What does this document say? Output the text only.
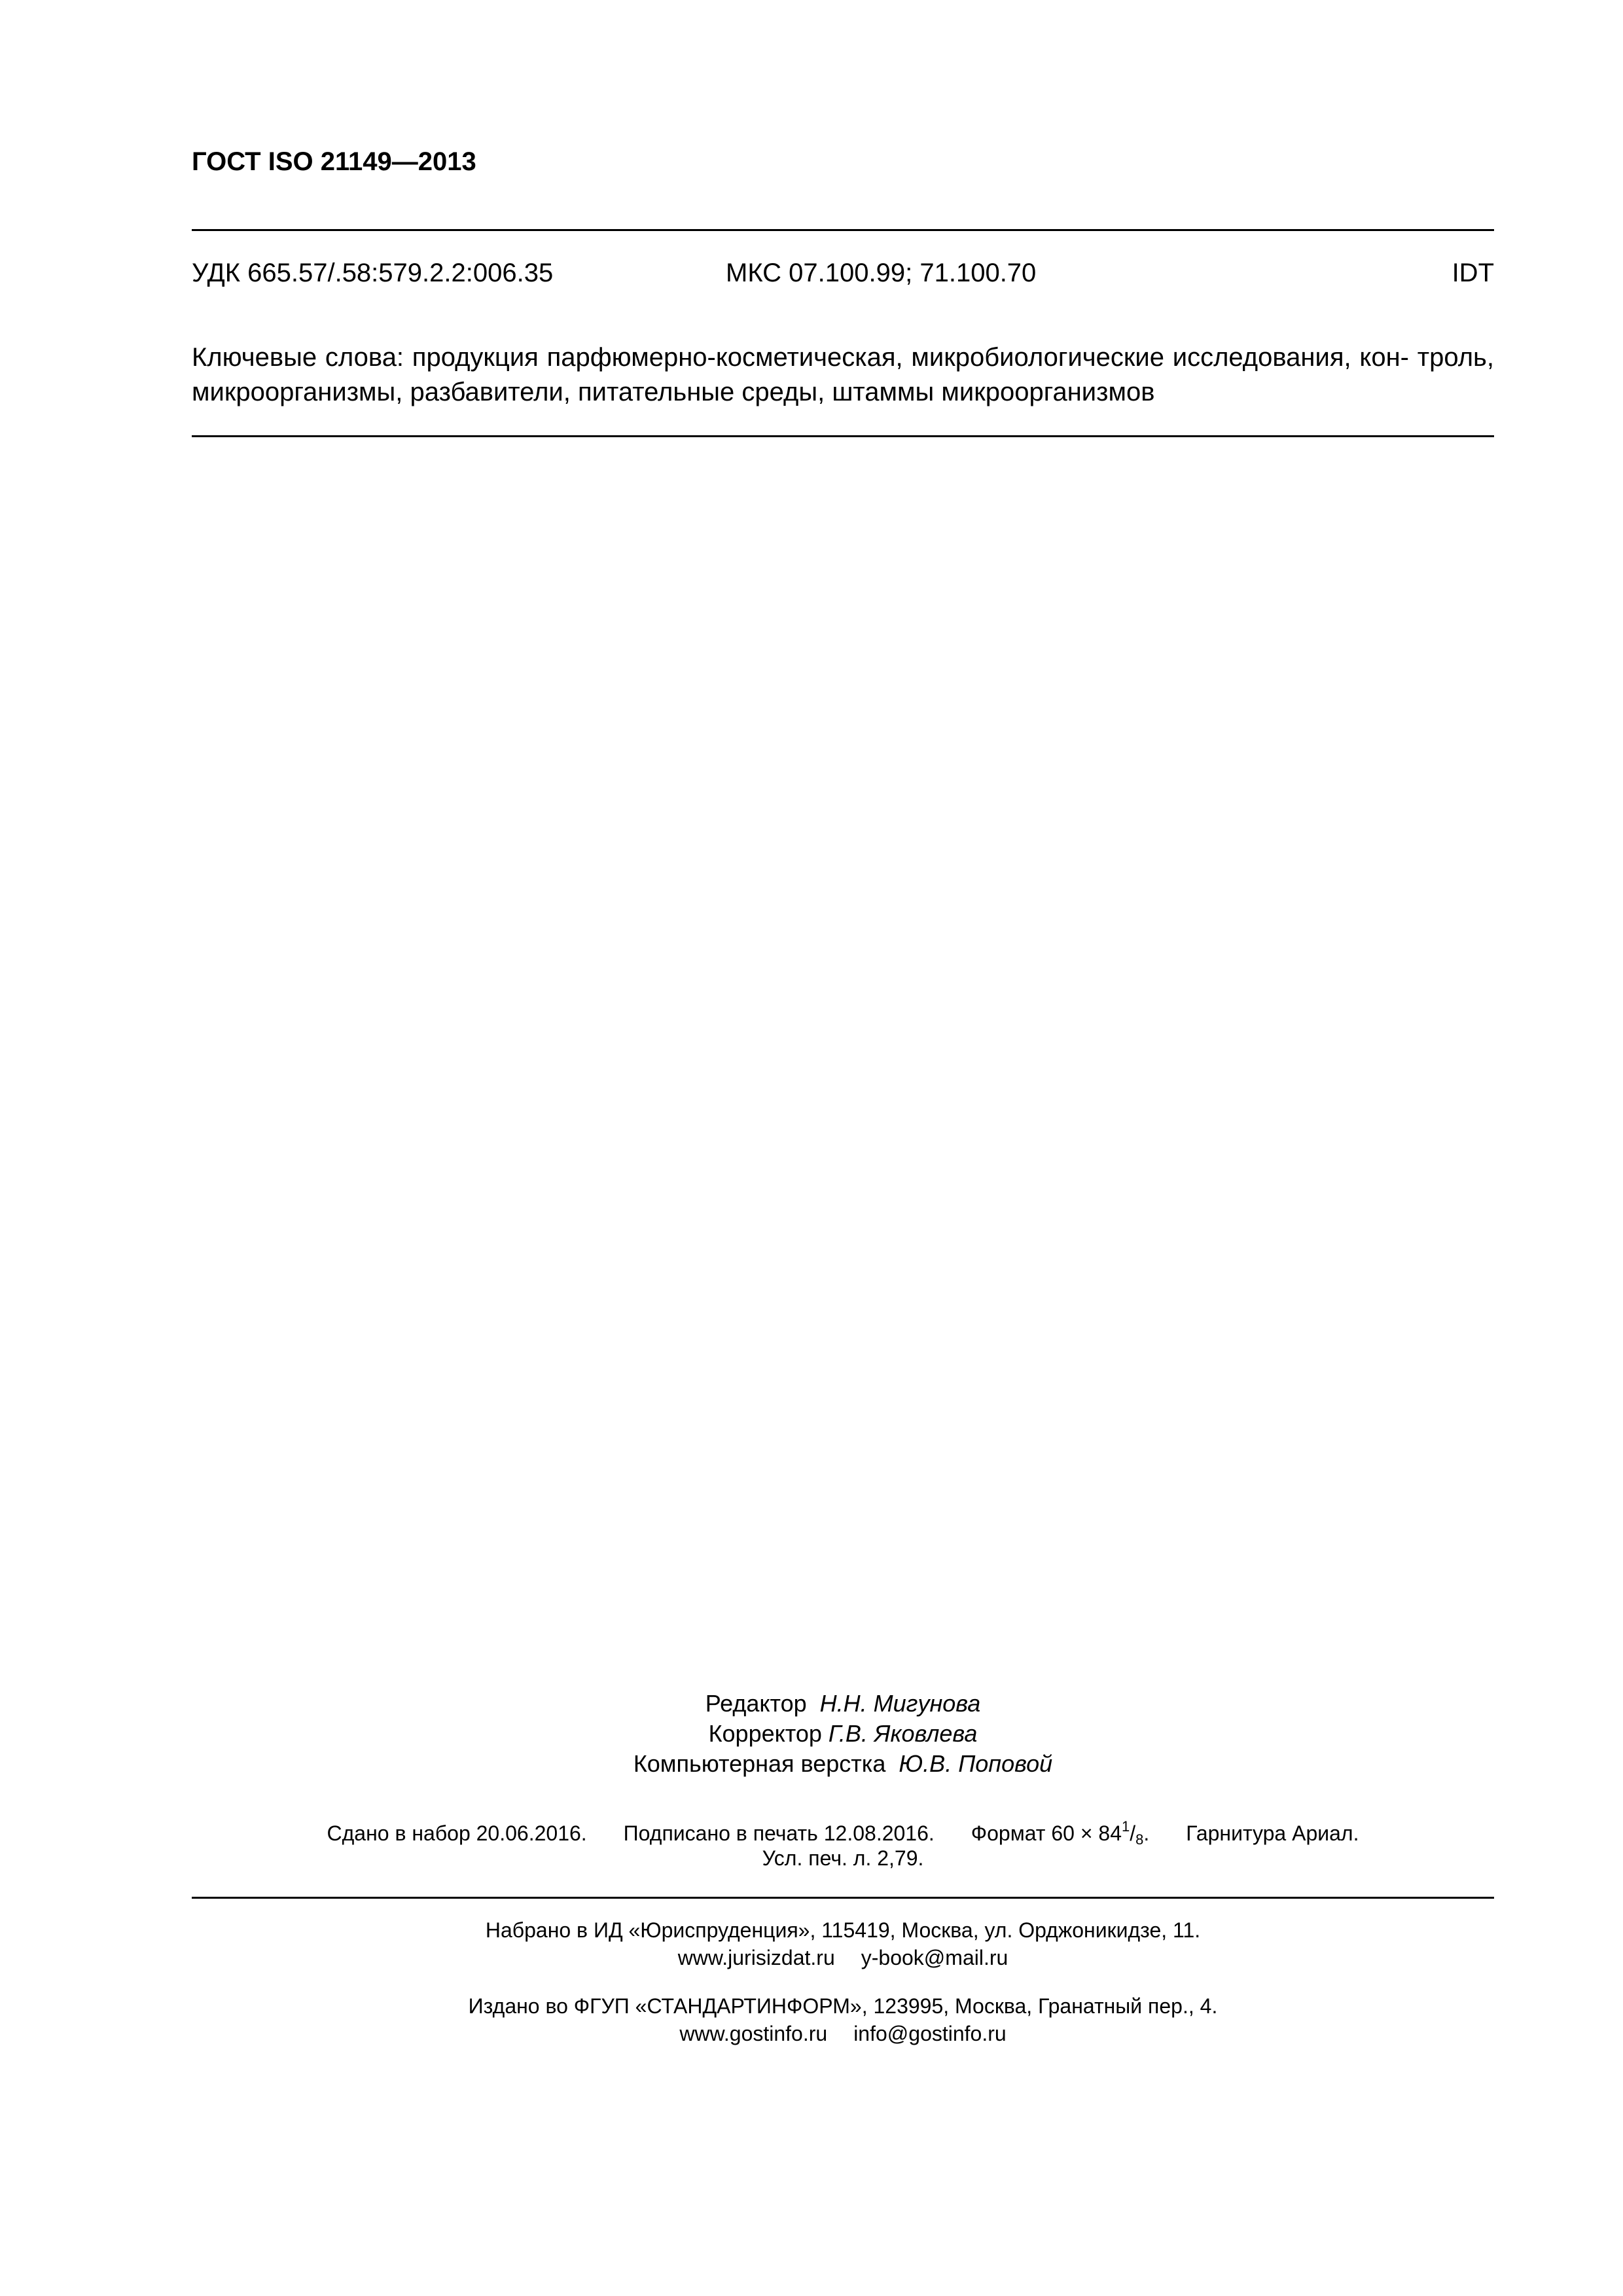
ГОСТ ISO 21149—2013
УДК 665.57/.58:579.2.2:006.35	МКС 07.100.99; 71.100.70	IDT
Ключевые слова: продукция парфюмерно-косметическая, микробиологические исследования, кон- троль, микроорганизмы, разбавители, питательные среды, штаммы микроорганизмов
Редактор Н.Н. Мигунова
Корректор Г.В. Яковлева
Компьютерная верстка Ю.В. Поповой
Сдано в набор 20.06.2016. Подписано в печать 12.08.2016. Формат $60 \times 84^1/_8$. Гарнитура Ариал.
Усл. печ. л. 2,79.
Набрано в ИД «Юриспруденция», 115419, Москва, ул. Орджоникидзе, 11.
www.jurisizdat.ru y-book@mail.ru
Издано во ФГУП «СТАНДАРТИНФОРМ», 123995, Москва, Гранатный пер., 4.
www.gostinfo.ru info@gostinfo.ru
